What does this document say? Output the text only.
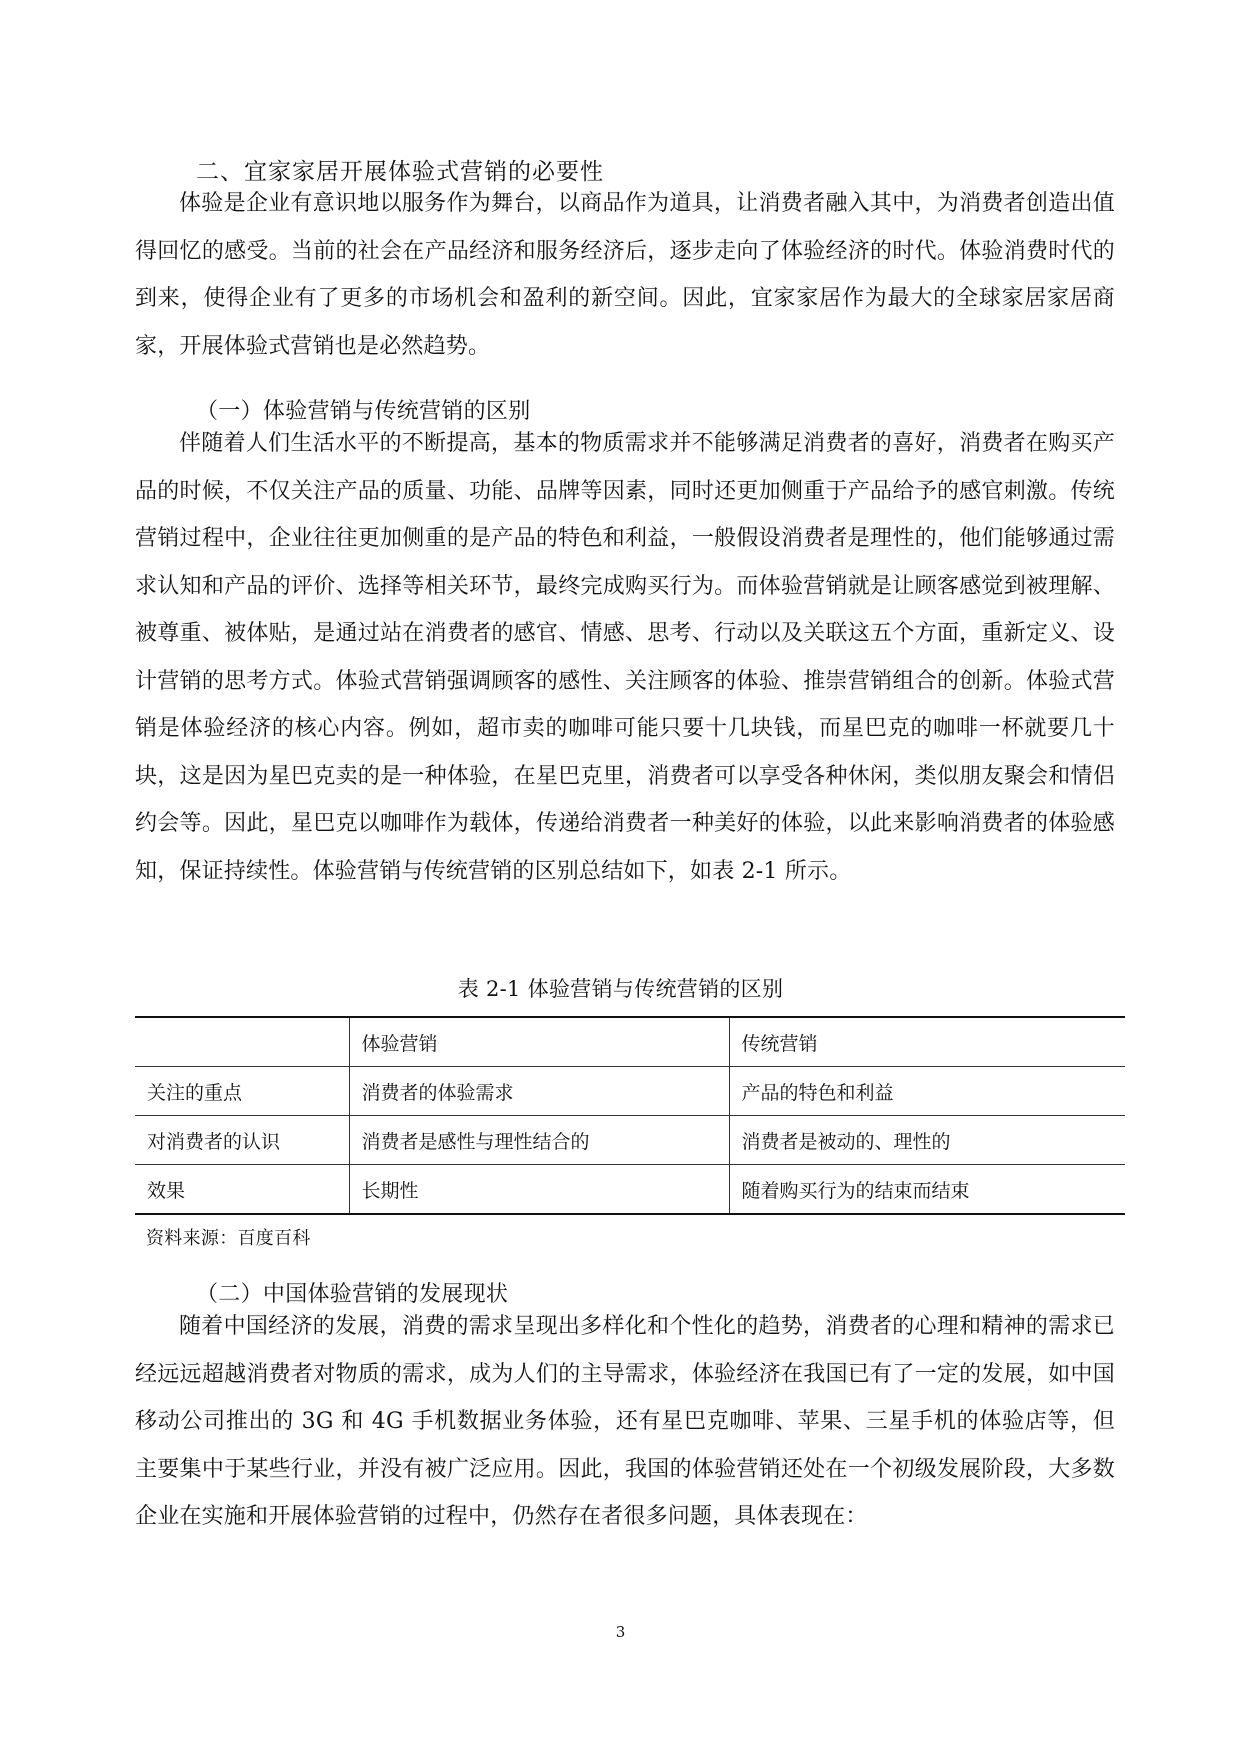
二、宜家家居开展体验式营销的必要性

体验是企业有意识地以服务作为舞台，以商品作为道具，让消费者融入其中，为消费者创造出值得回忆的感受。当前的社会在产品经济和服务经济后，逐步走向了体验经济的时代。体验消费时代的到来，使得企业有了更多的市场机会和盈利的新空间。因此，宜家家居作为最大的全球家居家居商家，开展体验式营销也是必然趋势。

（一）体验营销与传统营销的区别

伴随着人们生活水平的不断提高，基本的物质需求并不能够满足消费者的喜好，消费者在购买产品的时候，不仅关注产品的质量、功能、品牌等因素，同时还更加侧重于产品给予的感官刺激。传统营销过程中，企业往往更加侧重的是产品的特色和利益，一般假设消费者是理性的，他们能够通过需求认知和产品的评价、选择等相关环节，最终完成购买行为。而体验营销就是让顾客感觉到被理解、被尊重、被体贴，是通过站在消费者的感官、情感、思考、行动以及关联这五个方面，重新定义、设计营销的思考方式。体验式营销强调顾客的感性、关注顾客的体验、推崇营销组合的创新。体验式营销是体验经济的核心内容。例如，超市卖的咖啡可能只要十几块钱，而星巴克的咖啡一杯就要几十块，这是因为星巴克卖的是一种体验，在星巴克里，消费者可以享受各种休闲，类似朋友聚会和情侣约会等。因此，星巴克以咖啡作为载体，传递给消费者一种美好的体验，以此来影响消费者的体验感知，保证持续性。体验营销与传统营销的区别总结如下，如表 2-1 所示。

表 2-1 体验营销与传统营销的区别
	体验营销	传统营销
关注的重点	消费者的体验需求	产品的特色和利益
对消费者的认识	消费者是感性与理性结合的	消费者是被动的、理性的
效果	长期性	随着购买行为的结束而结束
资料来源：百度百科
（二）中国体验营销的发展现状

随着中国经济的发展，消费的需求呈现出多样化和个性化的趋势，消费者的心理和精神的需求已经远远超越消费者对物质的需求，成为人们的主导需求，体验经济在我国已有了一定的发展，如中国移动公司推出的 3G 和 4G 手机数据业务体验，还有星巴克咖啡、苹果、三星手机的体验店等，但主要集中于某些行业，并没有被广泛应用。因此，我国的体验营销还处在一个初级发展阶段，大多数企业在实施和开展体验营销的过程中，仍然存在者很多问题，具体表现在：

3
